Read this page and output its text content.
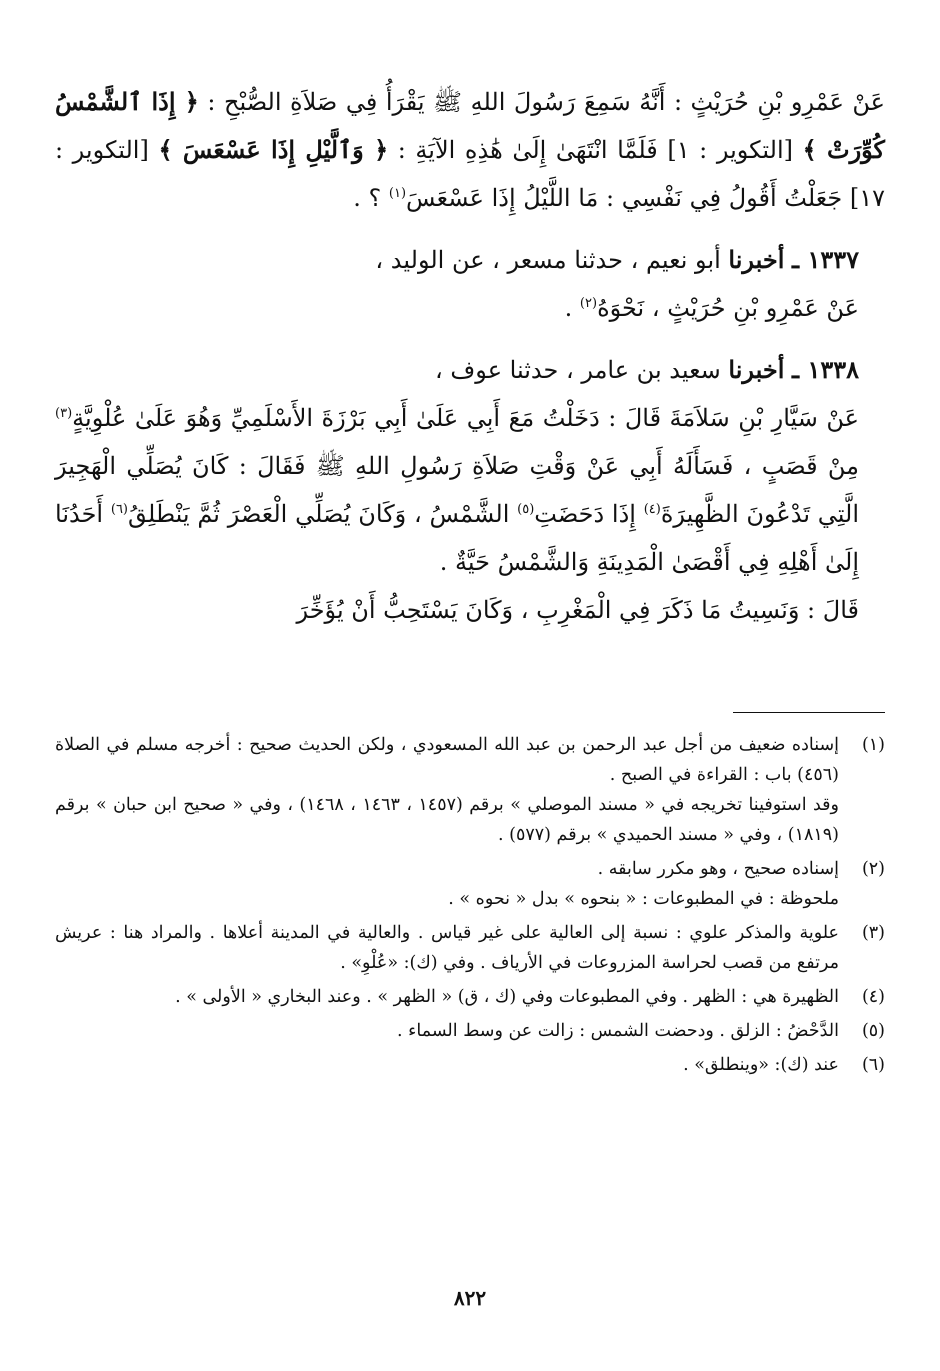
عَنْ عَمْرِو بْنِ حُرَيْثٍ : أَنَّهُ سَمِعَ رَسُولَ اللهِ ﷺ يَقْرَأُ فِي صَلاَةِ الصُّبْحِ : ﴿ إِذَا ٱلشَّمْسُ كُوِّرَتْ ﴾ [التكوير : ١] فَلَمَّا انْتَهَىٰ إِلَىٰ هَٰذِهِ الآيَةِ : ﴿ وَٱلَّيْلِ إِذَا عَسْعَسَ ﴾ [التكوير : ١٧] جَعَلْتُ أَقُولُ فِي نَفْسِي : مَا اللَّيْلُ إِذَا عَسْعَسَ$^{(١)}$ ؟ .

١٣٣٧ ـ أخبرنا أبو نعيم ، حدثنا مسعر ، عن الوليد ،

عَنْ عَمْرِو بْنِ حُرَيْثٍ ، نَحْوَهُ$^{(٢)}$ .

١٣٣٨ ـ أخبرنا سعيد بن عامر ، حدثنا عوف ،

عَنْ سَيَّارِ بْنِ سَلاَمَةَ قَالَ : دَخَلْتُ مَعَ أَبِي عَلَىٰ أَبِي بَرْزَةَ الأَسْلَمِيِّ وَهُوَ عَلَىٰ عُلْوِيَّةٍ$^{(٣)}$ مِنْ قَصَبٍ ، فَسَأَلَهُ أَبِي عَنْ وَقْتِ صَلاَةِ رَسُولِ اللهِ ﷺ فَقَالَ : كَانَ يُصَلِّي الْهَجِيرَ الَّتِي تَدْعُونَ الظَّهِيرَةَ$^{(٤)}$ إِذَا دَحَضَتِ$^{(٥)}$ الشَّمْسُ ، وَكَانَ يُصَلِّي الْعَصْرَ ثُمَّ يَنْطَلِقُ$^{(٦)}$ أَحَدُنَا إِلَىٰ أَهْلِهِ فِي أَقْصَىٰ الْمَدِينَةِ وَالشَّمْسُ حَيَّةٌ .

قَالَ : وَنَسِيتُ مَا ذَكَرَ فِي الْمَغْرِبِ ، وَكَانَ يَسْتَحِبُّ أَنْ يُؤَخِّرَ

(١)

إسناده ضعيف من أجل عبد الرحمن بن عبد الله المسعودي ، ولكن الحديث صحيح : أخرجه مسلم في الصلاة (٤٥٦) باب : القراءة في الصبح .

وقد استوفينا تخريجه في « مسند الموصلي » برقم (١٤٥٧ ، ١٤٦٣ ، ١٤٦٨) ، وفي « صحيح ابن حبان » برقم (١٨١٩) ، وفي « مسند الحميدي » برقم (٥٧٧) .

(٢)

إسناده صحيح ، وهو مكرر سابقه .

ملحوظة : في المطبوعات : « بنحوه » بدل « نحوه » .

(٣)

علوية والمذكر علوي : نسبة إلى العالية على غير قياس . والعالية في المدينة أعلاها . والمراد هنا : عريش مرتفع من قصب لحراسة المزروعات في الأرياف . وفي (ك): «عُلْوِ» .

(٤)

الظهيرة هي : الظهر . وفي المطبوعات وفي (ك ، ق) « الظهر » . وعند البخاري « الأولى » .

(٥)

الدَّحْضُ : الزلق . ودحضت الشمس : زالت عن وسط السماء .

(٦)

عند (ك): «وينطلق» .

٨٢٢
